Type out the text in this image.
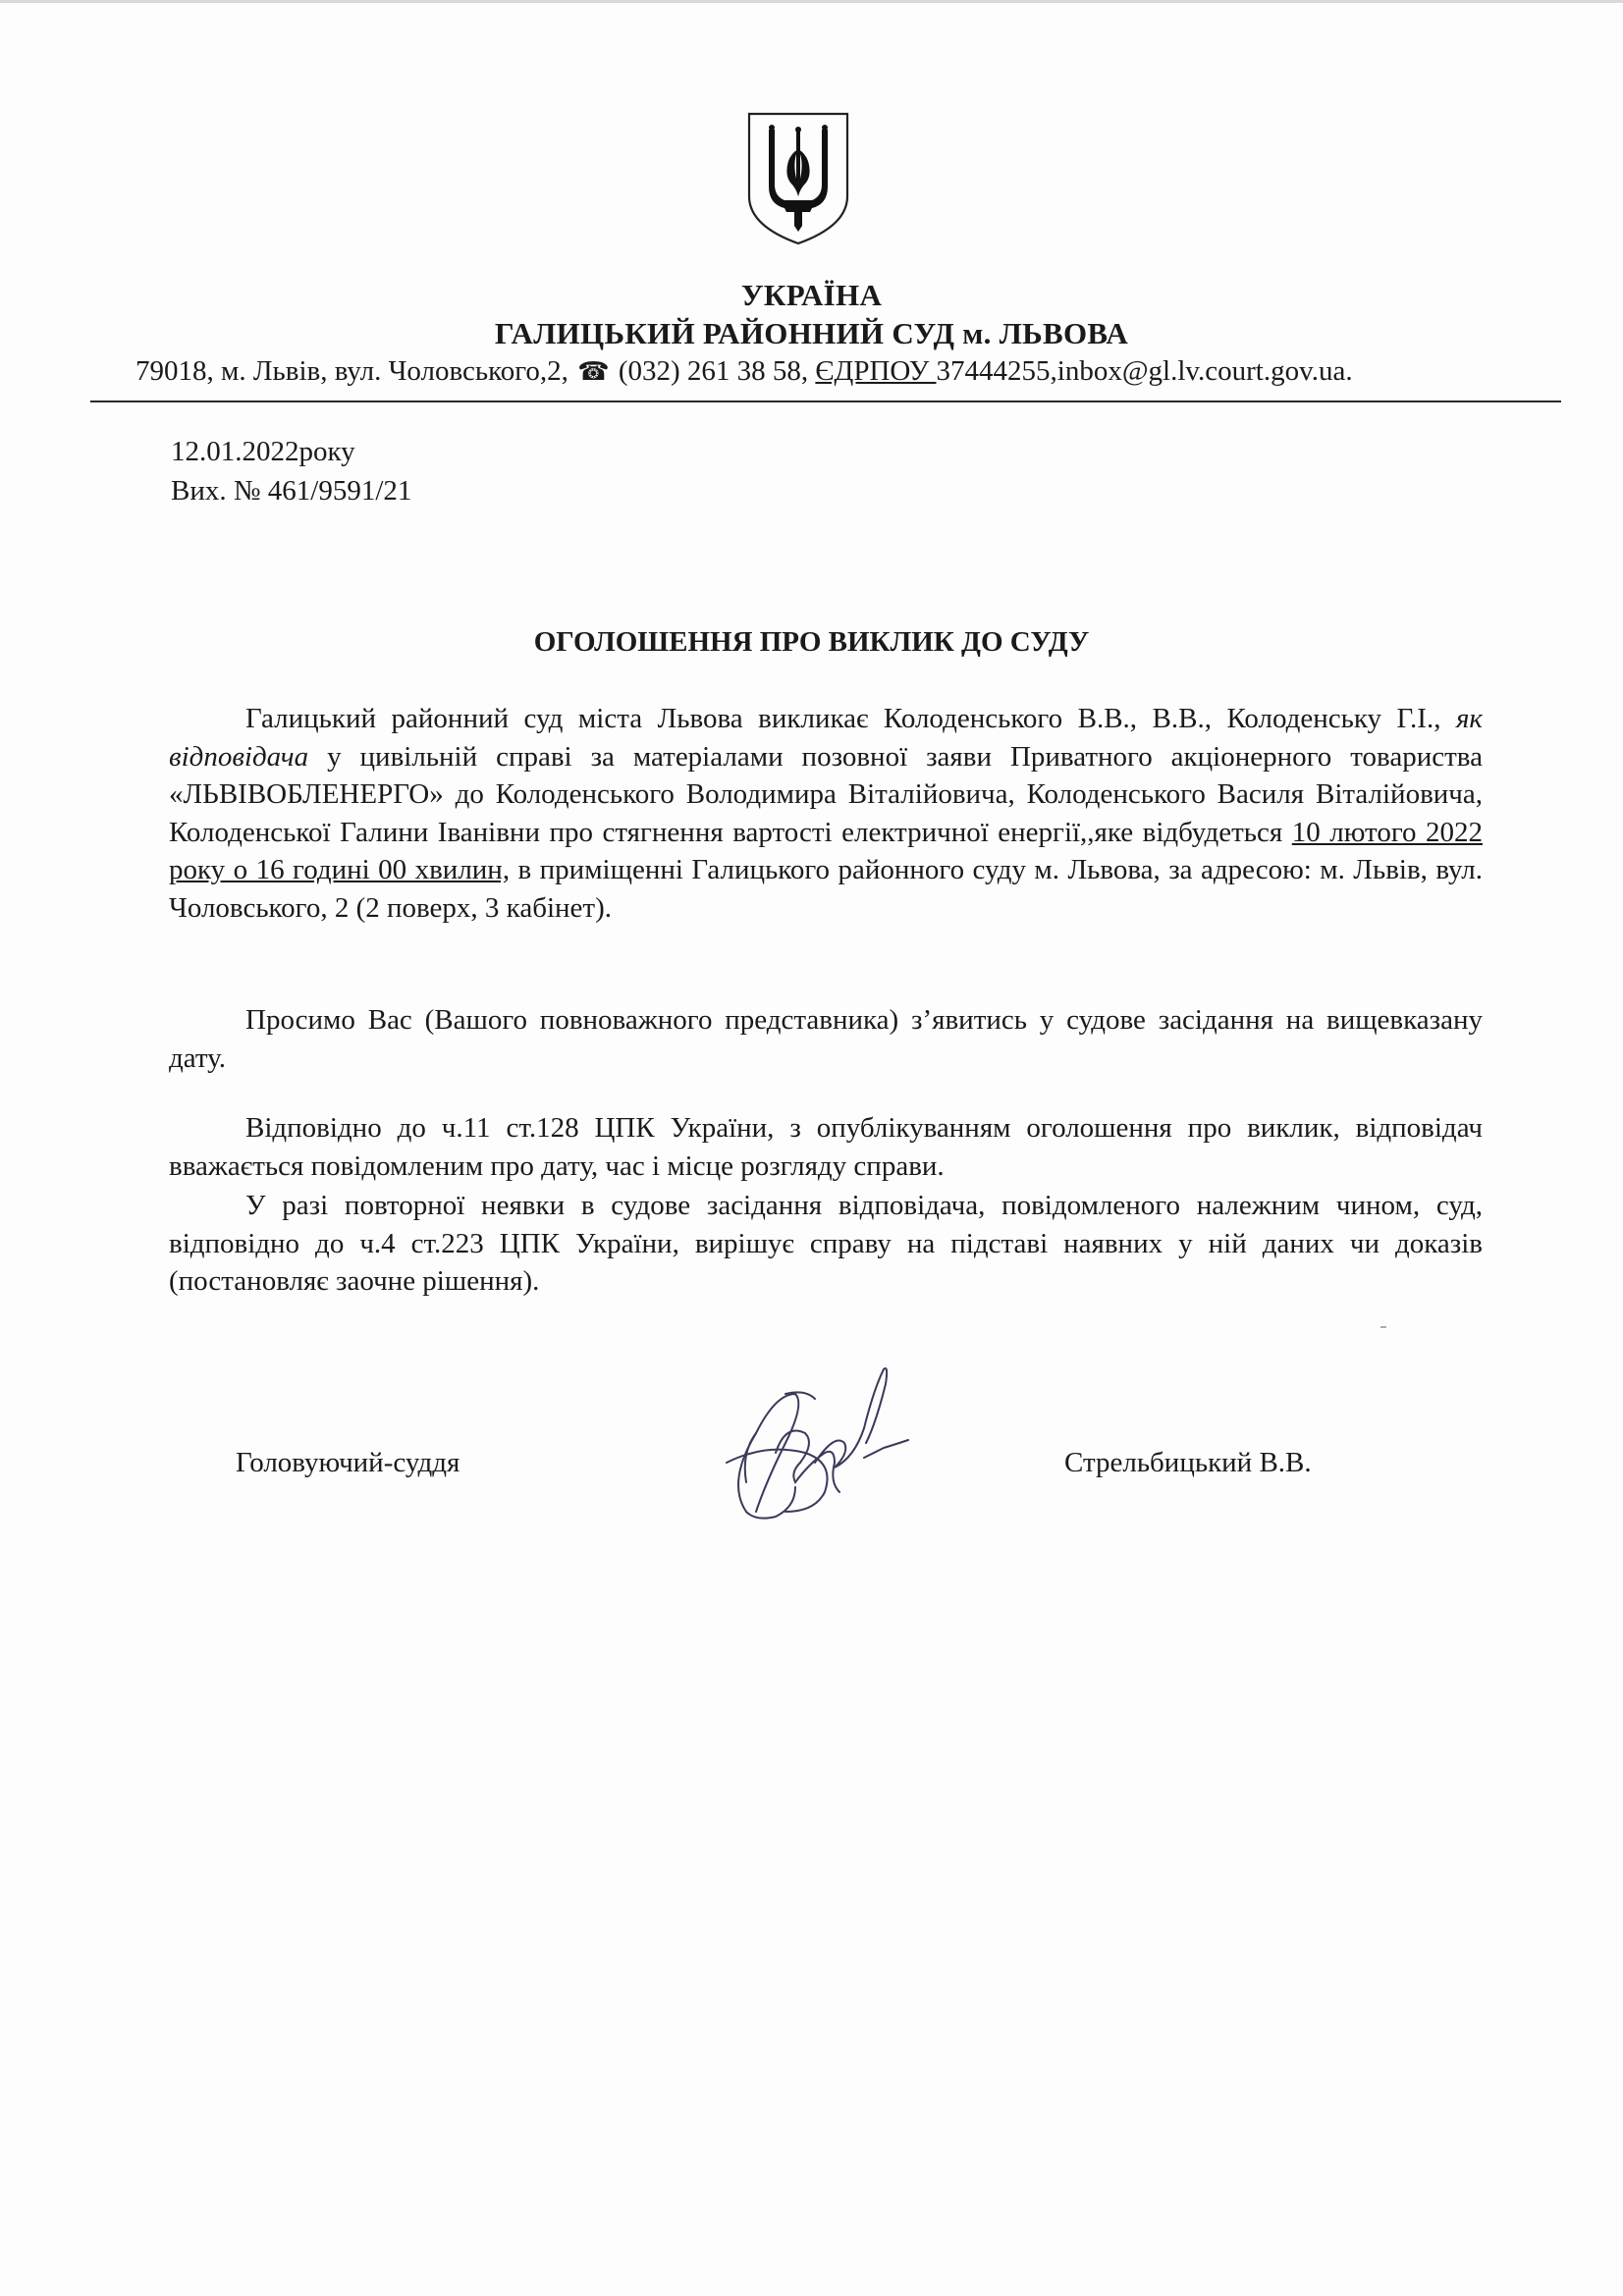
УКРАЇНА
ГАЛИЦЬКИЙ РАЙОННИЙ СУД м. ЛЬВОВА
79018, м. Львів, вул. Чоловського,2, ☎ (032) 261 38 58, ЄДРПОУ 37444255,inbox@gl.lv.court.gov.ua.
12.01.2022року
Вих. № 461/9591/21
ОГОЛОШЕННЯ ПРО ВИКЛИК ДО СУДУ
Галицький районний суд міста Львова викликає Колоденського В.В., В.В., Колоденську Г.І., як відповідача у цивільній справі за матеріалами позовної заяви Приватного акціонерного товариства «ЛЬВІВОБЛЕНЕРГО» до Колоденського Володимира Віталійовича, Колоденського Василя Віталійовича, Колоденської Галини Іванівни про стягнення вартості електричної енергії,,яке відбудеться 10 лютого 2022 року о 16 годині 00 хвилин, в приміщенні Галицького районного суду м. Львова, за адресою: м. Львів, вул. Чоловського, 2 (2 поверх, 3 кабінет).
Просимо Вас (Вашого повноважного представника) з’явитись у судове засідання на вищевказану дату.
Відповідно до ч.11 ст.128 ЦПК України, з опублікуванням оголошення про виклик, відповідач вважається повідомленим про дату, час і місце розгляду справи.
У разі повторної неявки в судове засідання відповідача, повідомленого належним чином, суд, відповідно до ч.4 ст.223 ЦПК України, вирішує справу на підставі наявних у ній даних чи доказів (постановляє заочне рішення).
Головуючий-суддя	Стрельбицький В.В.
